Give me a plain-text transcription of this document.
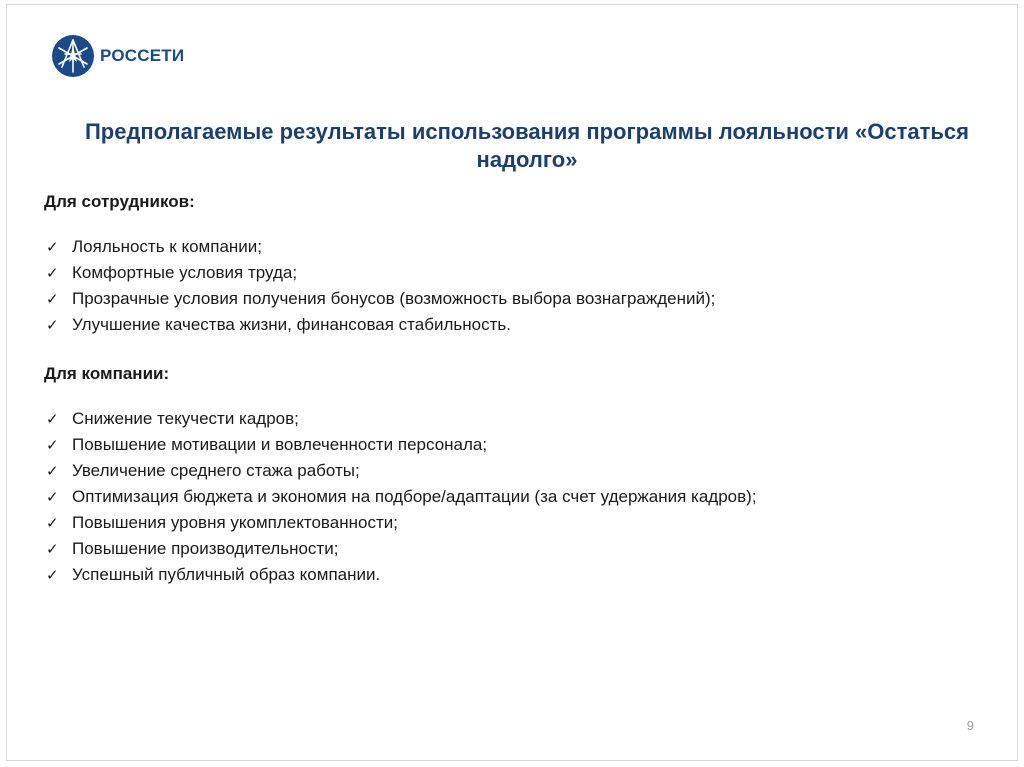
РОССЕТИ
Предполагаемые результаты использования программы лояльности «Остаться надолго»

Для сотрудников:

✓ Лояльность к компании;
✓ Комфортные условия труда;
✓ Прозрачные условия получения бонусов (возможность выбора вознаграждений);
✓ Улучшение качества жизни, финансовая стабильность.

Для компании:

✓ Снижение текучести кадров;
✓ Повышение мотивации и вовлеченности персонала;
✓ Увеличение среднего стажа работы;
✓ Оптимизация бюджета и экономия на подборе/адаптации (за счет удержания кадров);
✓ Повышения уровня укомплектованности;
✓ Повышение производительности;
✓ Успешный публичный образ компании.
9
